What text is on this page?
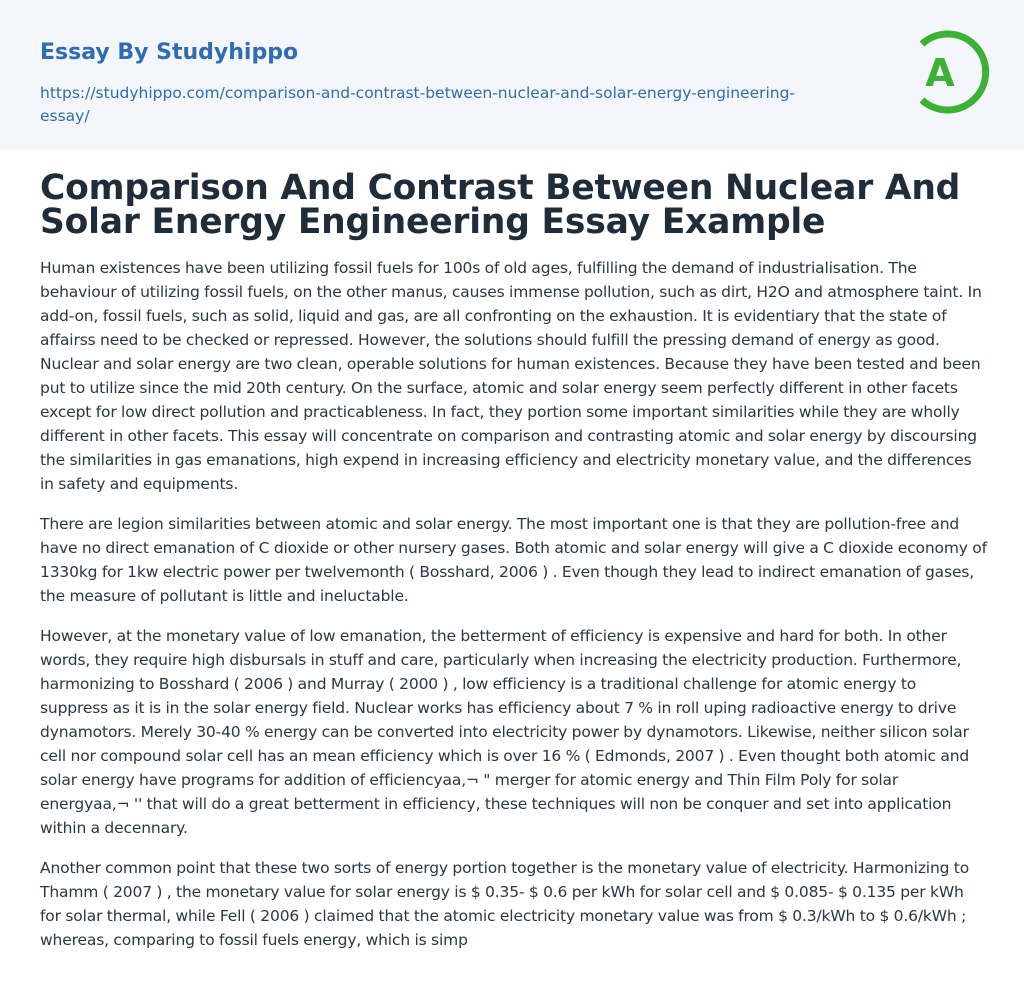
Essay By Studyhippo
https://studyhippo.com/comparison-and-contrast-between-nuclear-and-solar-energy-engineering-essay/
A
Comparison And Contrast Between Nuclear And Solar Energy Engineering Essay Example

Human existences have been utilizing fossil fuels for 100s of old ages, fulfilling the demand of industrialisation. The behaviour of utilizing fossil fuels, on the other manus, causes immense pollution, such as dirt, H2O and atmosphere taint. In add-on, fossil fuels, such as solid, liquid and gas, are all confronting on the exhaustion. It is evidentiary that the state of affairss need to be checked or repressed. However, the solutions should fulfill the pressing demand of energy as good. Nuclear and solar energy are two clean, operable solutions for human existences. Because they have been tested and been put to utilize since the mid 20th century. On the surface, atomic and solar energy seem perfectly different in other facets except for low direct pollution and practicableness. In fact, they portion some important similarities while they are wholly different in other facets. This essay will concentrate on comparison and contrasting atomic and solar energy by discoursing the similarities in gas emanations, high expend in increasing efficiency and electricity monetary value, and the differences in safety and equipments.

There are legion similarities between atomic and solar energy. The most important one is that they are pollution-free and have no direct emanation of C dioxide or other nursery gases. Both atomic and solar energy will give a C dioxide economy of 1330kg for 1kw electric power per twelvemonth ( Bosshard, 2006 ) . Even though they lead to indirect emanation of gases, the measure of pollutant is little and ineluctable.

However, at the monetary value of low emanation, the betterment of efficiency is expensive and hard for both. In other words, they require high disbursals in stuff and care, particularly when increasing the electricity production. Furthermore, harmonizing to Bosshard ( 2006 ) and Murray ( 2000 ) , low efficiency is a traditional challenge for atomic energy to suppress as it is in the solar energy field. Nuclear works has efficiency about 7 % in roll uping radioactive energy to drive dynamotors. Merely 30-40 % energy can be converted into electricity power by dynamotors. Likewise, neither silicon solar cell nor compound solar cell has an mean efficiency which is over 16 % ( Edmonds, 2007 ) . Even thought both atomic and solar energy have programs for addition of efficiencyaa,¬ " merger for atomic energy and Thin Film Poly for solar energyaa,¬ '' that will do a great betterment in efficiency, these techniques will non be conquer and set into application within a decennary.

Another common point that these two sorts of energy portion together is the monetary value of electricity. Harmonizing to Thamm ( 2007 ) , the monetary value for solar energy is $ 0.35- $ 0.6 per kWh for solar cell and $ 0.085- $ 0.135 per kWh for solar thermal, while Fell ( 2006 ) claimed that the atomic electricity monetary value was from $ 0.3/kWh to $ 0.6/kWh ; whereas, comparing to fossil fuels energy, which is simp
